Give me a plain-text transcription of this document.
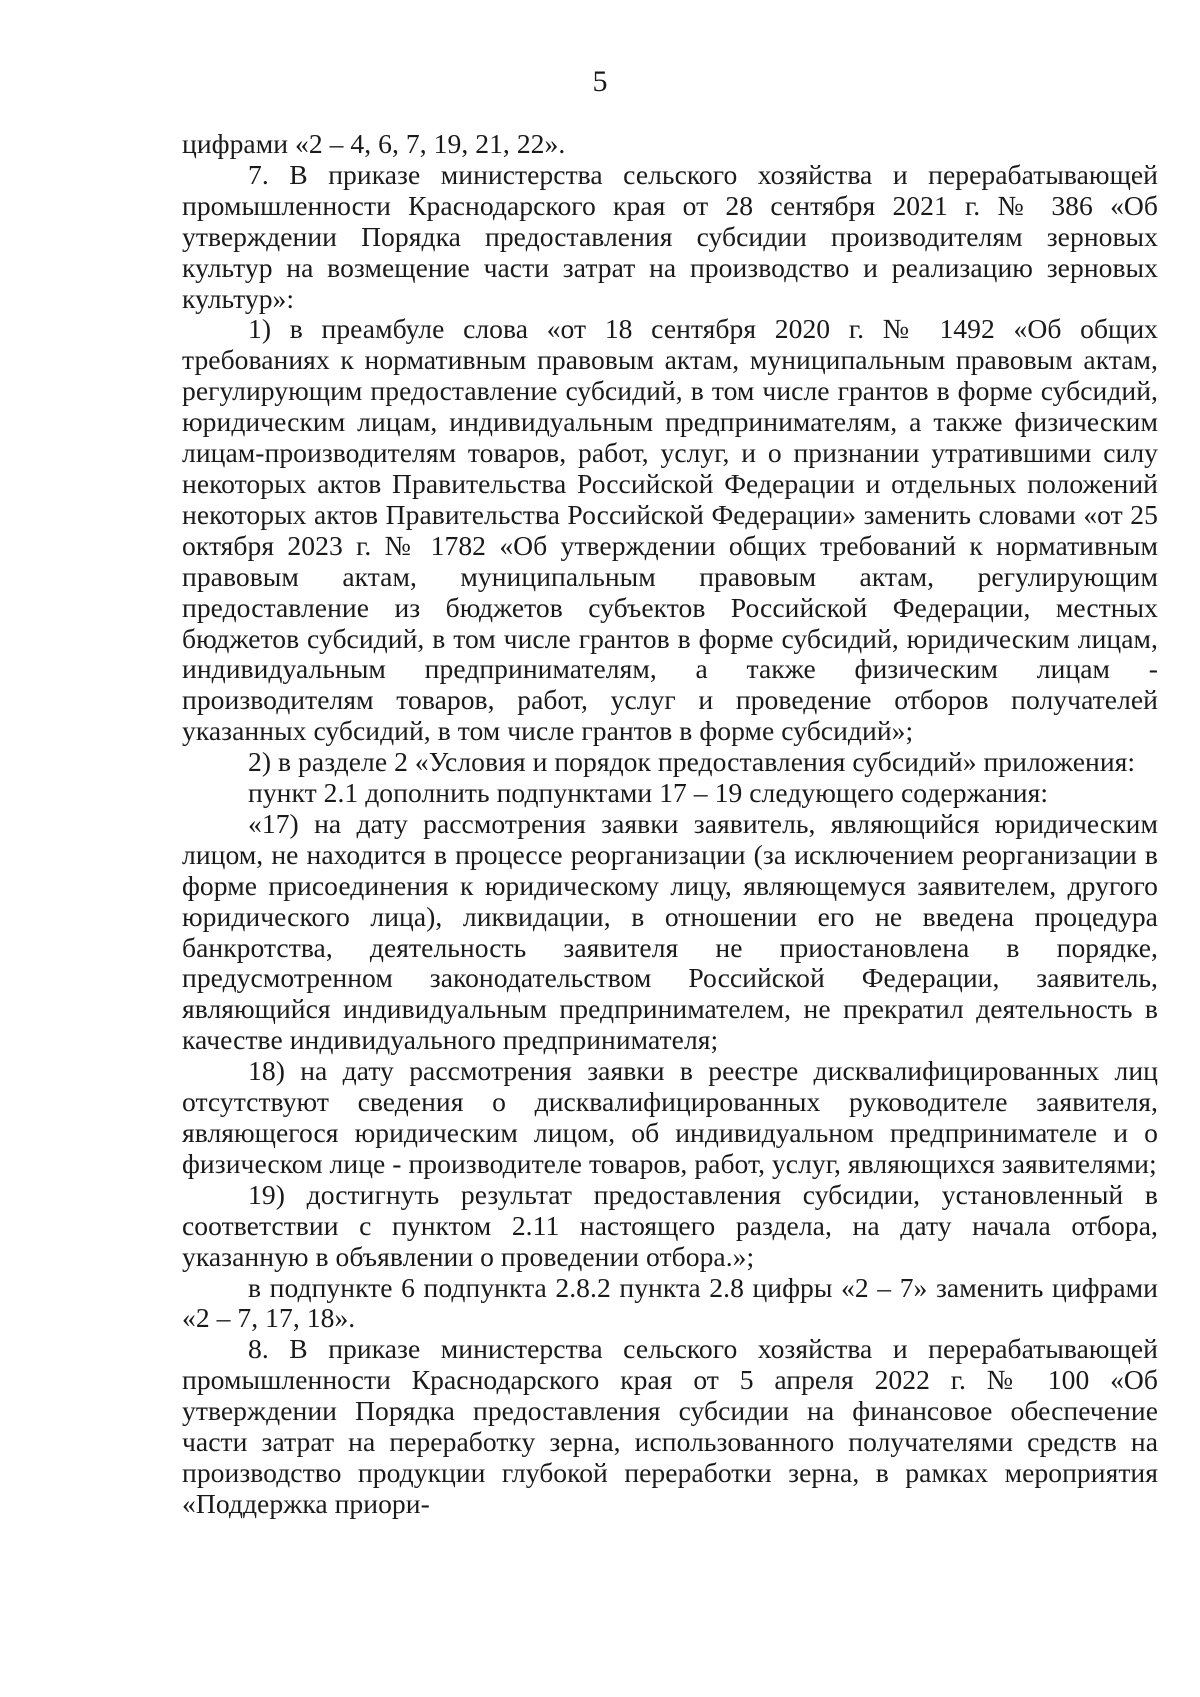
5

цифрами «2 – 4, 6, 7, 19, 21, 22».

7. В приказе министерства сельского хозяйства и перерабатывающей промышленности Краснодарского края от 28 сентября 2021 г. № 386 «Об утверждении Порядка предоставления субсидии производителям зерновых культур на возмещение части затрат на производство и реализацию зерновых культур»:

1) в преамбуле слова «от 18 сентября 2020 г. № 1492 «Об общих требованиях к нормативным правовым актам, муниципальным правовым актам, регулирующим предоставление субсидий, в том числе грантов в форме субсидий, юридическим лицам, индивидуальным предпринимателям, а также физическим лицам-производителям товаров, работ, услуг, и о признании утратившими силу некоторых актов Правительства Российской Федерации и отдельных положений некоторых актов Правительства Российской Федерации» заменить словами «от 25 октября 2023 г. № 1782 «Об утверждении общих требований к нормативным правовым актам, муниципальным правовым актам, регулирующим предоставление из бюджетов субъектов Российской Федерации, местных бюджетов субсидий, в том числе грантов в форме субсидий, юридическим лицам, индивидуальным предпринимателям, а также физическим лицам - производителям товаров, работ, услуг и проведение отборов получателей указанных субсидий, в том числе грантов в форме субсидий»;

2) в разделе 2 «Условия и порядок предоставления субсидий» приложения:

пункт 2.1 дополнить подпунктами 17 – 19 следующего содержания:

«17) на дату рассмотрения заявки заявитель, являющийся юридическим лицом, не находится в процессе реорганизации (за исключением реорганизации в форме присоединения к юридическому лицу, являющемуся заявителем, другого юридического лица), ликвидации, в отношении его не введена процедура банкротства, деятельность заявителя не приостановлена в порядке, предусмотренном законодательством Российской Федерации, заявитель, являющийся индивидуальным предпринимателем, не прекратил деятельность в качестве индивидуального предпринимателя;

18) на дату рассмотрения заявки в реестре дисквалифицированных лиц отсутствуют сведения о дисквалифицированных руководителе заявителя, являющегося юридическим лицом, об индивидуальном предпринимателе и о физическом лице - производителе товаров, работ, услуг, являющихся заявителями;

19) достигнуть результат предоставления субсидии, установленный в соответствии с пунктом 2.11 настоящего раздела, на дату начала отбора, указанную в объявлении о проведении отбора.»;

в подпункте 6 подпункта 2.8.2 пункта 2.8 цифры «2 – 7» заменить цифрами «2 – 7, 17, 18».

8. В приказе министерства сельского хозяйства и перерабатывающей промышленности Краснодарского края от 5 апреля 2022 г. № 100 «Об утверждении Порядка предоставления субсидии на финансовое обеспечение части затрат на переработку зерна, использованного получателями средств на производство продукции глубокой переработки зерна, в рамках мероприятия «Поддержка приори-
